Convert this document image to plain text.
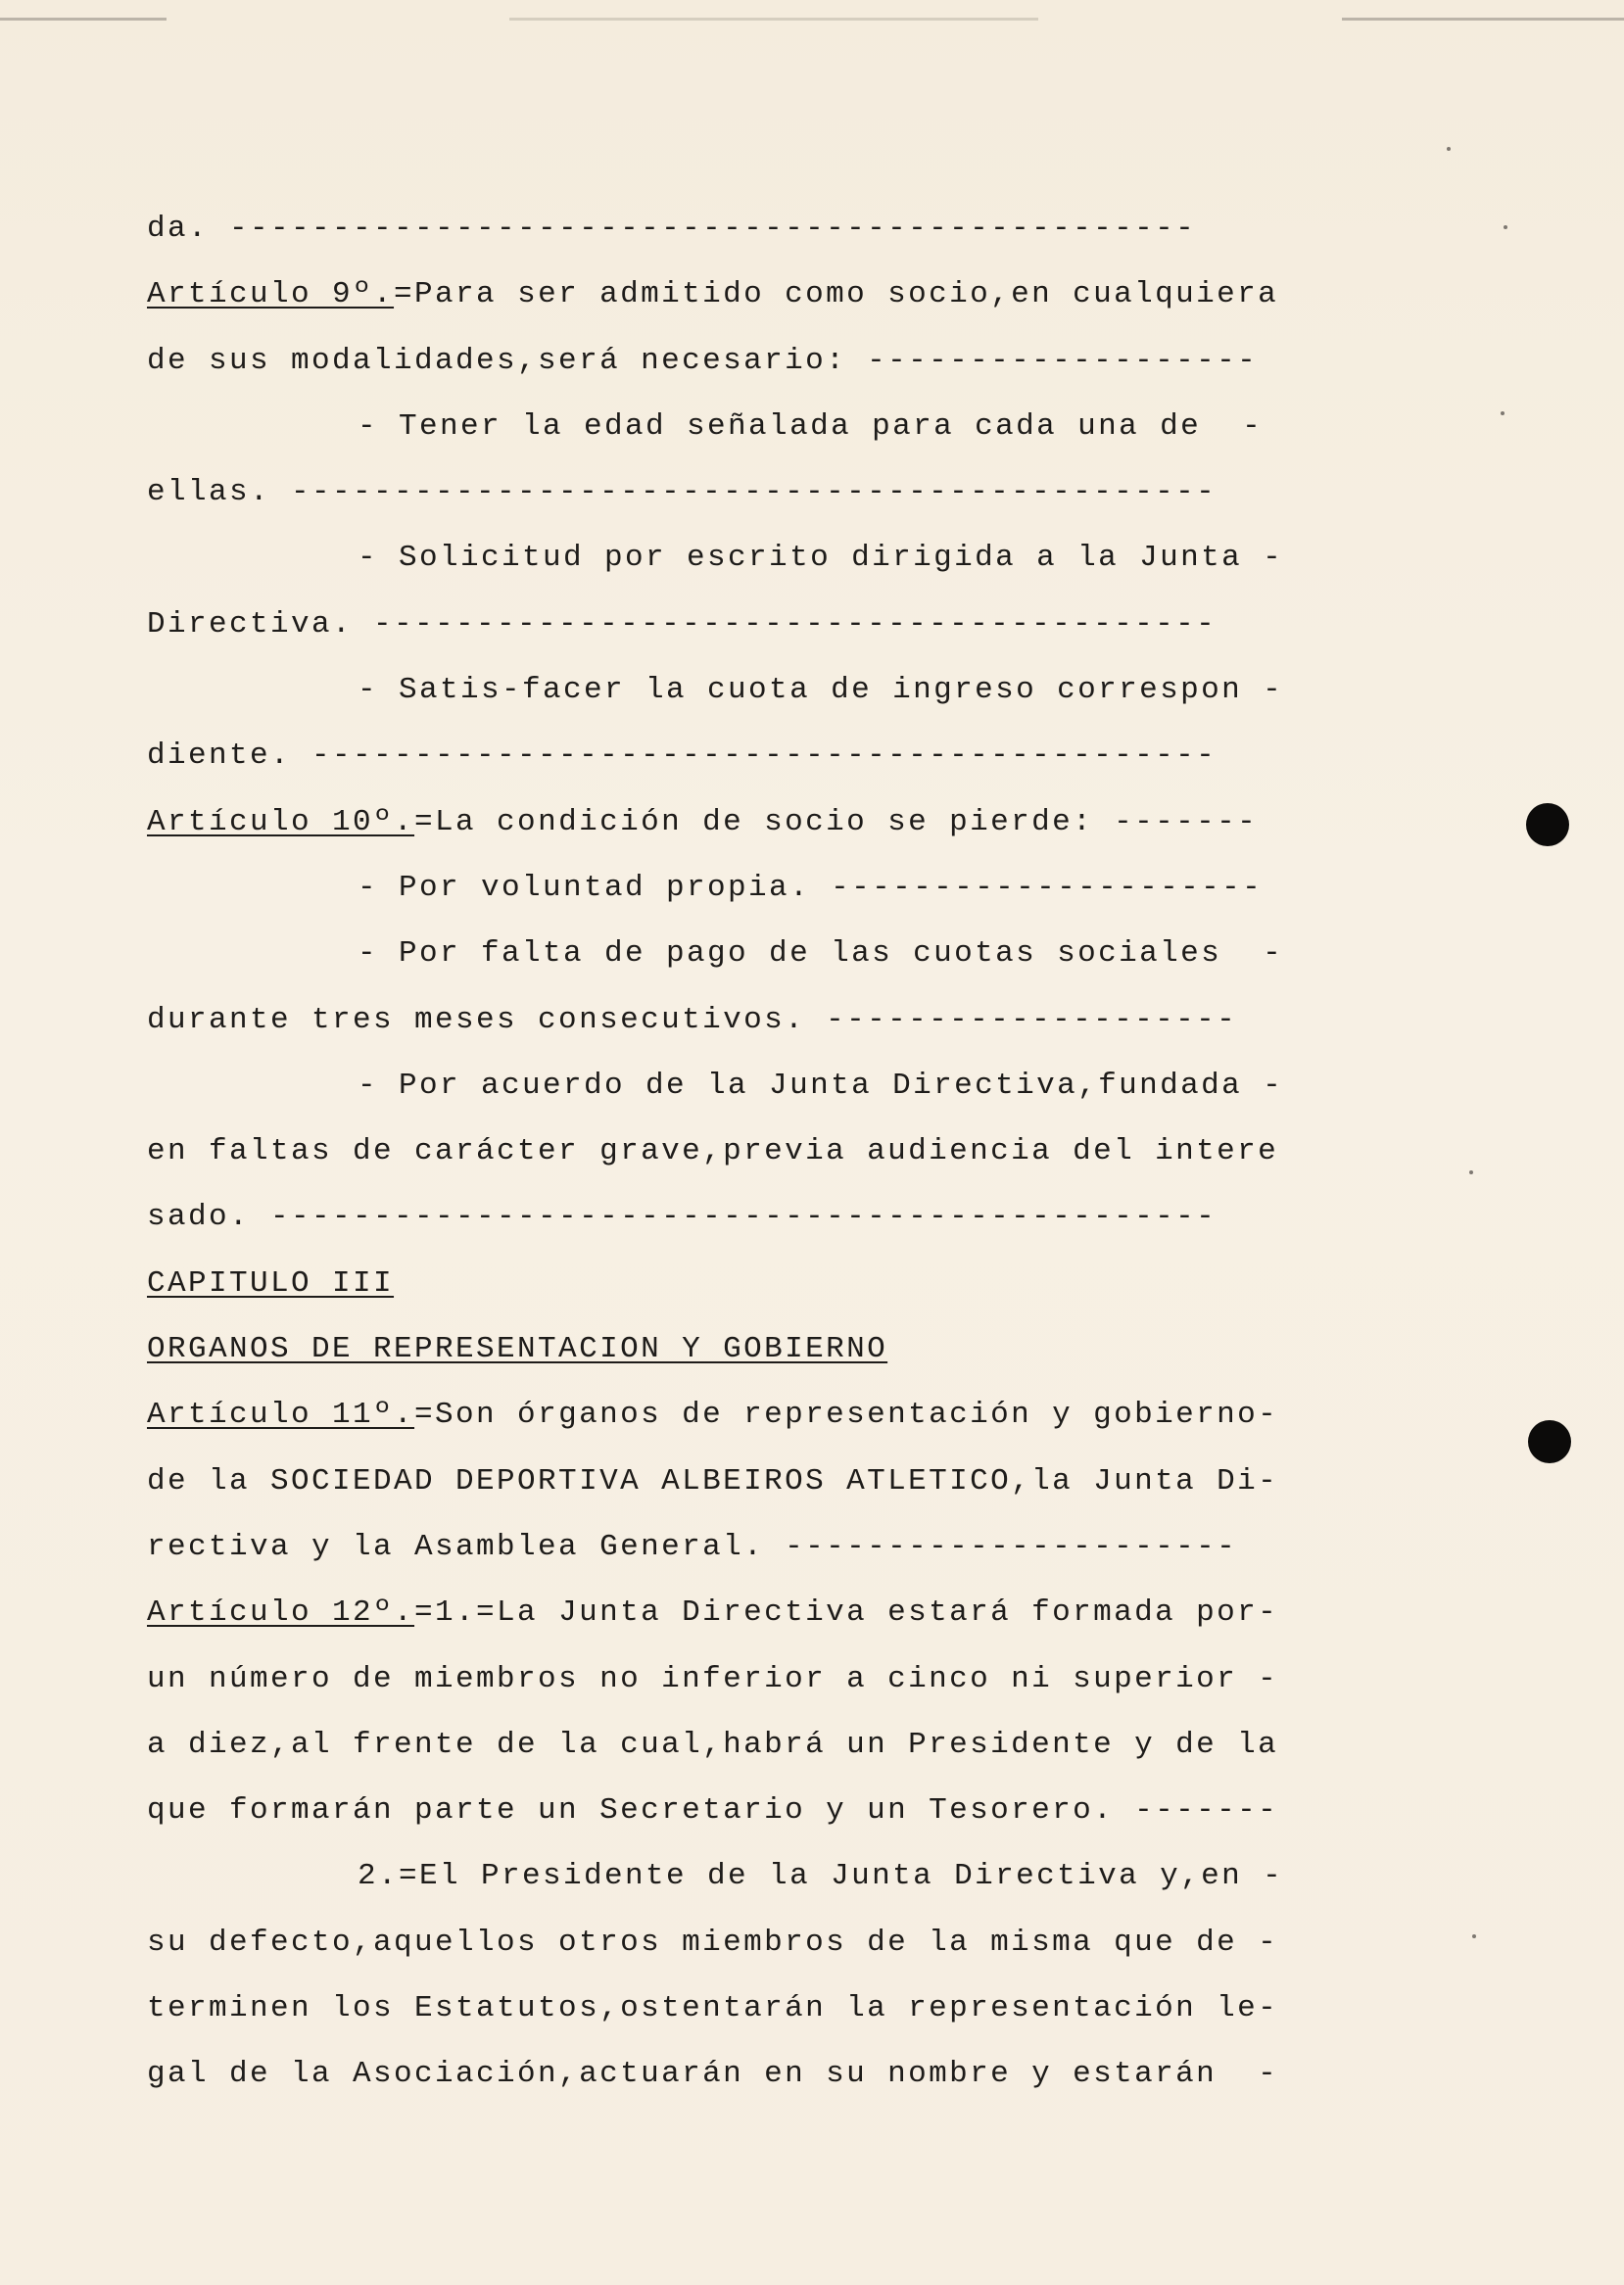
da. -----------------------------------------------
Artículo 9º.=Para ser admitido como socio,en cualquiera
de sus modalidades,será necesario: -------------------
- Tener la edad señalada para cada una de  -
ellas. ---------------------------------------------
- Solicitud por escrito dirigida a la Junta -
Directiva. -----------------------------------------
- Satis-facer la cuota de ingreso correspon -
diente. --------------------------------------------
Artículo 10º.=La condición de socio se pierde: -------
- Por voluntad propia. ---------------------
- Por falta de pago de las cuotas sociales  -
durante tres meses consecutivos. --------------------
- Por acuerdo de la Junta Directiva,fundada -
en faltas de carácter grave,previa audiencia del intere
sado. ----------------------------------------------
CAPITULO III
ORGANOS DE REPRESENTACION Y GOBIERNO
Artículo 11º.=Son órganos de representación y gobierno-
de la SOCIEDAD DEPORTIVA ALBEIROS ATLETICO,la Junta Di-
rectiva y la Asamblea General. ----------------------
Artículo 12º.=1.=La Junta Directiva estará formada por-
un número de miembros no inferior a cinco ni superior -
a diez,al frente de la cual,habrá un Presidente y de la
que formarán parte un Secretario y un Tesorero. -------
2.=El Presidente de la Junta Directiva y,en -
su defecto,aquellos otros miembros de la misma que de -
terminen los Estatutos,ostentarán la representación le-
gal de la Asociación,actuarán en su nombre y estarán  -
